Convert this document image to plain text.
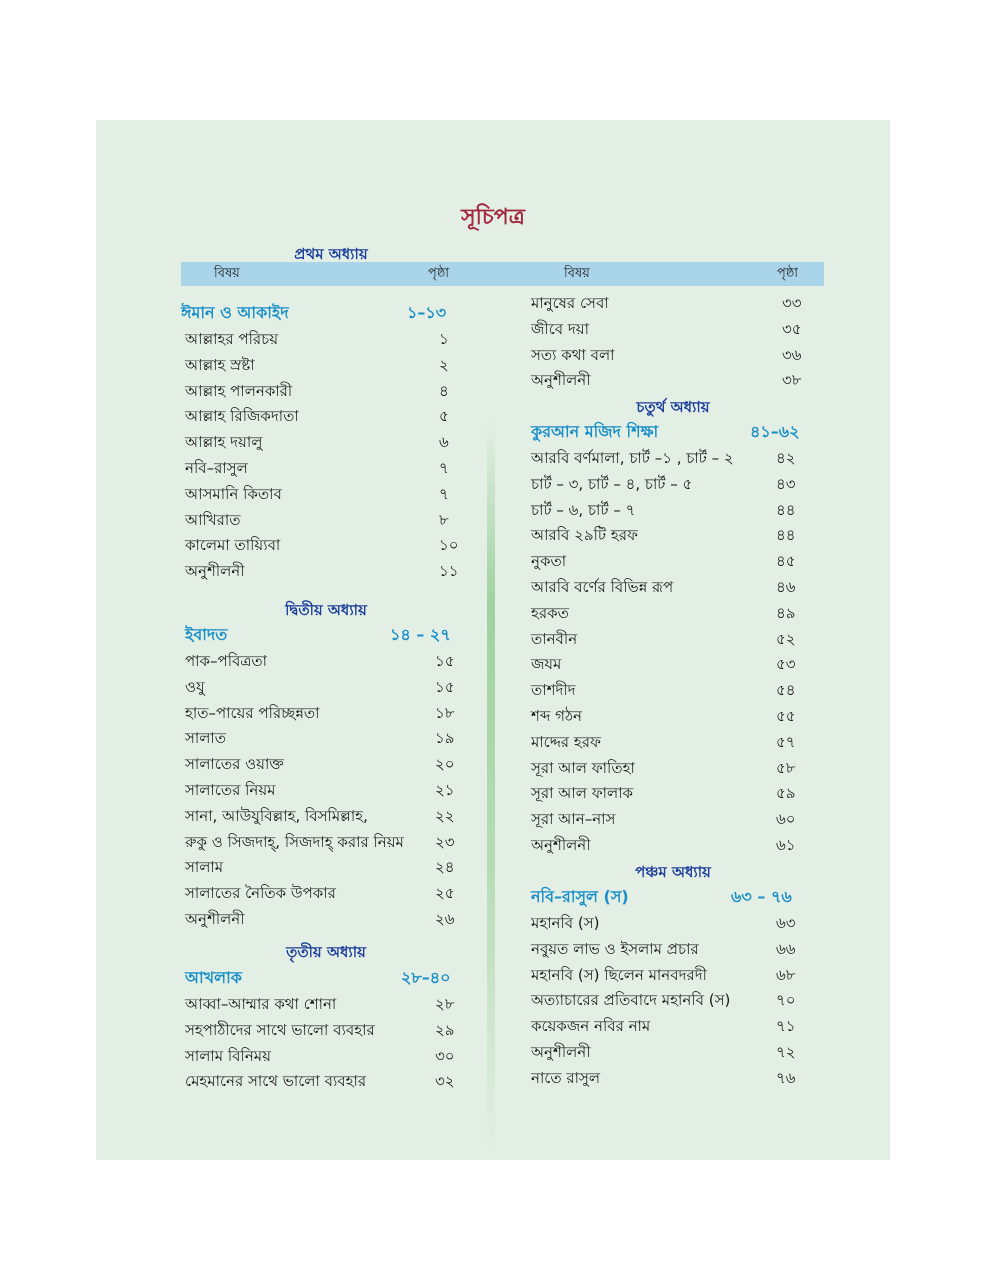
সূচিপত্র
বিষয়	পৃষ্ঠা	বিষয়	পৃষ্ঠা
প্রথম অধ্যায়
দ্বিতীয় অধ্যায়
তৃতীয় অধ্যায়
চতুর্থ অধ্যায়
পঞ্চম অধ্যায়
ঈমান ও আকাইদ	১–১৩
ইবাদত	১৪ – ২৭
আখলাক	২৮–৪০
কুরআন মজিদ শিক্ষা	৪১–৬২
নবি–রাসুল (স)	৬৩ – ৭৬
আল্লাহর পরিচয়	১
আল্লাহ স্রষ্টা	২
আল্লাহ পালনকারী	৪
আল্লাহ রিজিকদাতা	৫
আল্লাহ দয়ালু	৬
নবি–রাসুল	৭
আসমানি কিতাব	৭
আখিরাত	৮
কালেমা তায়্যিবা	১০
অনুশীলনী	১১
পাক–পবিত্রতা	১৫
ওযু	১৫
হাত–পায়ের পরিচ্ছন্নতা	১৮
সালাত	১৯
সালাতের ওয়াক্ত	২০
সালাতের নিয়ম	২১
সানা, আউযুবিল্লাহ, বিসমিল্লাহ,	২২
রুকু ও সিজদাহ্, সিজদাহ্ করার নিয়ম ২৩
সালাম	২৪
সালাতের নৈতিক উপকার	২৫
অনুশীলনী	২৬
আব্বা–আম্মার কথা শোনা	২৮
সহপাঠীদের সাথে ভালো ব্যবহার	২৯
সালাম বিনিময়	৩০
মেহমানের সাথে ভালো ব্যবহার	৩২
মানুষের সেবা	৩৩
জীবে দয়া	৩৫
সত্য কথা বলা	৩৬
অনুশীলনী	৩৮
আরবি বর্ণমালা, চার্ট –১ , চার্ট – ২	৪২
চার্ট – ৩, চার্ট – ৪, চার্ট – ৫	৪৩
চার্ট – ৬, চার্ট – ৭	৪৪
আরবি ২৯টি হরফ	৪৪
নুকতা	৪৫
আরবি বর্ণের বিভিন্ন রূপ	৪৬
হরকত	৪৯
তানবীন	৫২
জযম	৫৩
তাশদীদ	৫৪
শব্দ গঠন	৫৫
মাদ্দের হরফ	৫৭
সূরা আল ফাতিহা	৫৮
সূরা আল ফালাক	৫৯
সূরা আন–নাস	৬০
অনুশীলনী	৬১
মহানবি (স)	৬৩
নবুয়ত লাভ ও ইসলাম প্রচার	৬৬
মহানবি (স) ছিলেন মানবদরদী	৬৮
অত্যাচারের প্রতিবাদে মহানবি (স)	৭০
কয়েকজন নবির নাম	৭১
অনুশীলনী	৭২
নাতে রাসুল	৭৬
